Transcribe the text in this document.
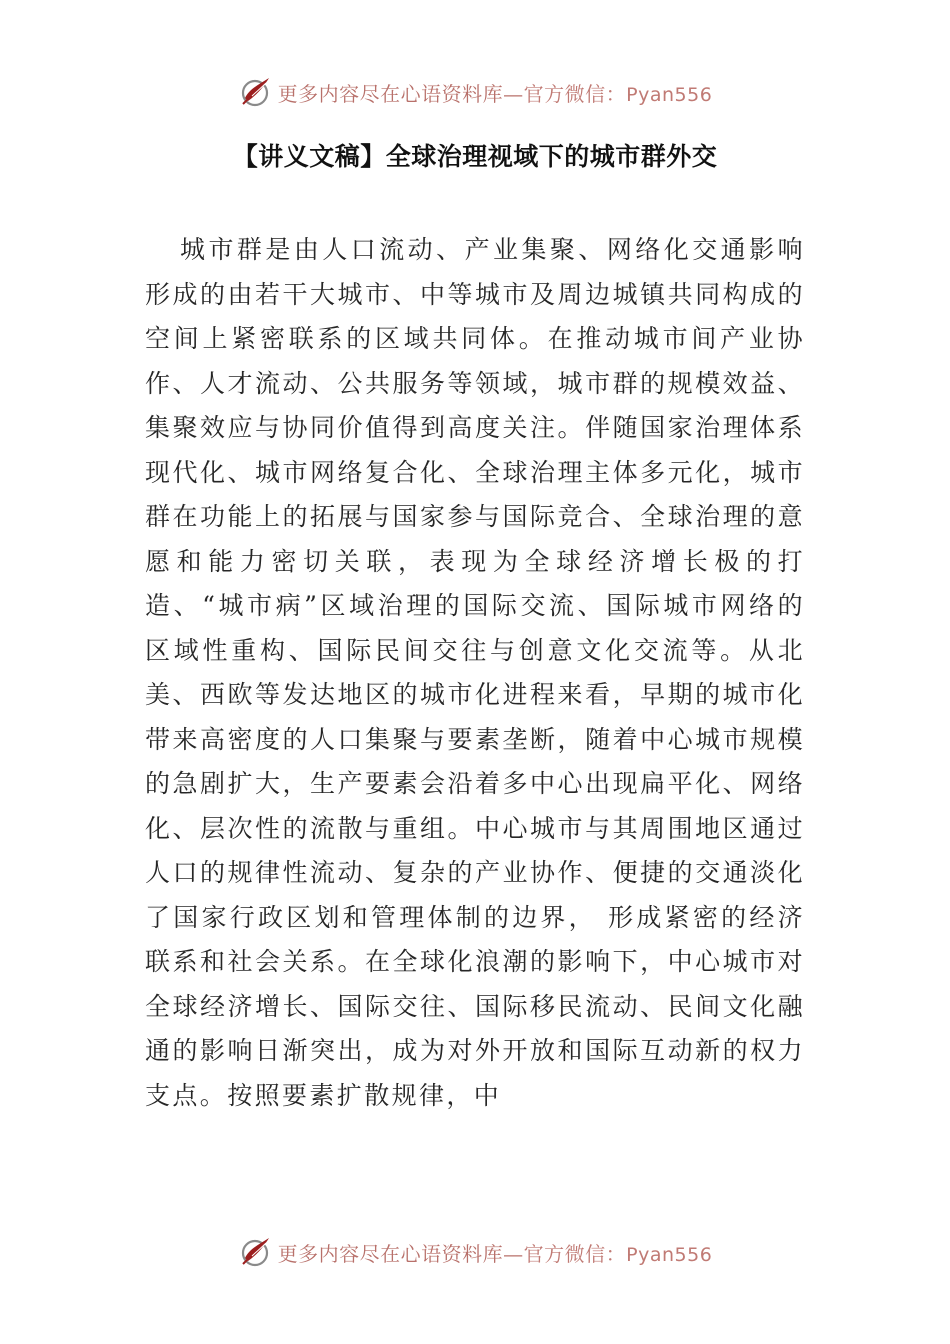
更多内容尽在心语资料库—官方微信：Pyan556
【讲义文稿】全球治理视域下的城市群外交

城市群是由人口流动、产业集聚、网络化交通影响形成的由若干大城市、中等城市及周边城镇共同构成的空间上紧密联系的区域共同体。在推动城市间产业协作、人才流动、公共服务等领域，城市群的规模效益、集聚效应与协同价值得到高度关注。伴随国家治理体系现代化、城市网络复合化、全球治理主体多元化，城市群在功能上的拓展与国家参与国际竞合、全球治理的意愿和能力密切关联，表现为全球经济增长极的打造、“城市病”区域治理的国际交流、国际城市网络的区域性重构、国际民间交往与创意文化交流等。从北美、西欧等发达地区的城市化进程来看，早期的城市化带来高密度的人口集聚与要素垄断，随着中心城市规模的急剧扩大，生产要素会沿着多中心出现扁平化、网络化、层次性的流散与重组。中心城市与其周围地区通过人口的规律性流动、复杂的产业协作、便捷的交通淡化了国家行政区划和管理体制的边界， 形成紧密的经济联系和社会关系。在全球化浪潮的影响下，中心城市对全球经济增长、国际交往、国际移民流动、民间文化融通的影响日渐突出，成为对外开放和国际互动新的权力支点。按照要素扩散规律，中

更多内容尽在心语资料库—官方微信：Pyan556
